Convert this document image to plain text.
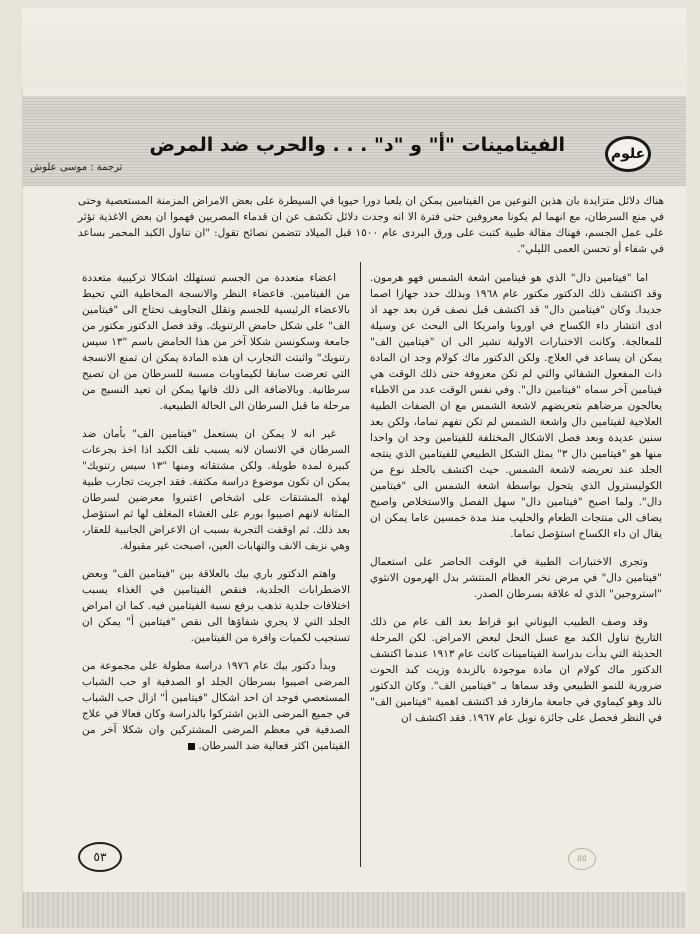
علوم
الفيتامينات "أ" و "د" . . . والحرب ضد المرض
ترجمة : موسى علوش
هناك دلائل متزايدة بان هذين النوعين من الفيتامين يمكن ان يلعبا دورا حيويا في السيطرة على بعض الامراض المزمنة المستعصية وحتى في منع السرطان، مع انهما لم يكونا معروفين حتى فترة الا انه وجدت دلائل تكشف عن ان قدماء المصريين فهموا ان بعض الاغذية تؤثر على عمل الجسم، فهناك مقالة طبية كتبت على ورق البردى عام ١٥٠٠ قبل الميلاد تتضمن نصائح تقول: "ان تناول الكبد المحمر بساعد في شفاء أو تحسن العمى الليلي".

اما "فيتامين دال" الذي هو فيتامين اشعة الشمس فهو هرمون. وقد اكتشف ذلك الدكتور مكتور عام ١٩٦٨ وبذلك حدد جهازا اصما جديدا. وكان "فيتامين دال" قد اكتشف قبل نصف قرن بعد جهد اذ ادى انتشار داء الكساح في اوروبا وامريكا الى البحث عن وسيلة للمعالجة. وكانت الاختبارات الاولية تشير الى ان "فيتامين الف" يمكن ان يساعد في العلاج. ولكن الدكتور ماك كولام وجد ان المادة ذات المفعول الشفائي والتي لم تكن معروفة حتى ذلك الوقت هي فيتامين آخر سماه "فيتامين دال". وفي نفس الوقت عدد من الاطباء يعالجون مرضاهم بتعريضهم لاشعة الشمس مع ان الصفات الطبية العلاجية لفيتامين دال واشعة الشمس لم تكن تفهم تماما، ولكن بعد سنين عديدة وبعد فصل الاشكال المختلفة للفيتامين وجد ان واحدا منها هو "فيتامين دال ٣" يمثل الشكل الطبيعي للفيتامين الذي ينتجه الجلد عند تعريضه لاشعة الشمس. حيث اكتشف بالجلد نوع من الكوليسترول الذي يتحول بواسطة اشعة الشمس الى "فيتامين دال". ولما اصبح "فيتامين دال" سهل الفصل والاستخلاص واصبح يضاف الى منتجات الطعام والحليب منذ مدة خمسين عاما يمكن ان يقال ان داء الكساح استؤصل تماما.

وتجرى الاختبارات الطبية في الوقت الحاضر على استعمال "فيتامين دال" في مرض نخر العظام المنتشر بدل الهرمون الانثوي "استروجين" الذي له علاقة بسرطان الصدر.

وقد وصف الطبيب اليوناني ابو قراط بعد الف عام من ذلك التاريخ تناول الكبد مع عسل النحل لبعض الامراض. لكن المرحلة الحديثة التي بدأت بدراسة الفيتامينات كانت عام ١٩١٣ عندما اكتشف الدكتور ماك كولام ان مادة موجودة بالزبدة وزيت كبد الحوت ضرورية للنمو الطبيعي وقد سماها بـ "فيتامين الف". وكان الدكتور نالد وهو كيماوي في جامعة مارفارد قد اكتشف اهمية "فيتامين الف" في النظر فحصل على جائزة نوبل عام ١٩٦٧. فقد اكتشف ان

اعضاء متعددة من الجسم تستهلك اشكالا تركيبية متعددة من الفيتامين. فاعضاء النظر والانسجة المخاطية التي تحيط بالاعضاء الرئيسية للجسم وتقلل التجاويف تحتاج الى "فيتامين الف" على شكل حامض الرتنويك. وقد فصل الدكتور مكتور من جامعة وسكونسن شكلا آخر من هذا الحامض باسم "١٣ سيس رتنويك" واثبتت التجارب ان هذه المادة يمكن ان تمنع الانسجة التي تعرضت سابقا لكيماويات مسببة للسرطان من ان تصبح سرطانية. وبالاضافة الى ذلك فانها يمكن ان تعيد النسيج من مرحلة ما قبل السرطان الى الحالة الطبيعية.

غير انه لا يمكن ان يستعمل "فيتامين الف" بأمان ضد السرطان في الانسان لانه يسبب تلف الكبد اذا اخذ بجرعات كبيرة لمدة طويلة. ولكن مشتقاته ومنها "١٣ سيس رتنويك" يمكن ان تكون موضوع دراسة مكثفة. فقد اجريت تجارب طبية لهذه المشتقات على اشخاص اعتبروا معرضين لسرطان المثانة لانهم اصيبوا بورم على الغشاء المغلف لها ثم استؤصل بعد ذلك. ثم اوقفت التجربة بسبب ان الاعراض الجانبية للعقار، وهي نزيف الانف والتهابات العين، اصبحت غير مقبولة.

واهتم الدكتور باري بيك بالعلاقة بين "فيتامين الف" وبعض الاضطرابات الجلدية، فنقص الفيتامين في الغذاء يسبب اختلافات جلدية تذهب برفع نسبة الفيتامين فيه. كما ان امراض الجلد التي لا يجري شفاؤها الى نقص "فيتامين أ" يمكن ان تستجيب لكميات وافرة من الفيتامين.

وبدأ دكتور بيك عام ١٩٧٦ دراسة مطولة على مجموعة من المرضى اصيبوا بسرطان الجلد او الصدفية او حب الشباب المستعصي فوجد ان احد اشكال "فيتامين أ" ازال حب الشباب في جميع المرضى الذين اشتركوا بالدراسة وكان فعالا في علاج الصدفية في معظم المرضى المشتركين وان شكلا آخر من الفيتامين اكثر فعالية ضد السرطان.

٥٣	٥٥
